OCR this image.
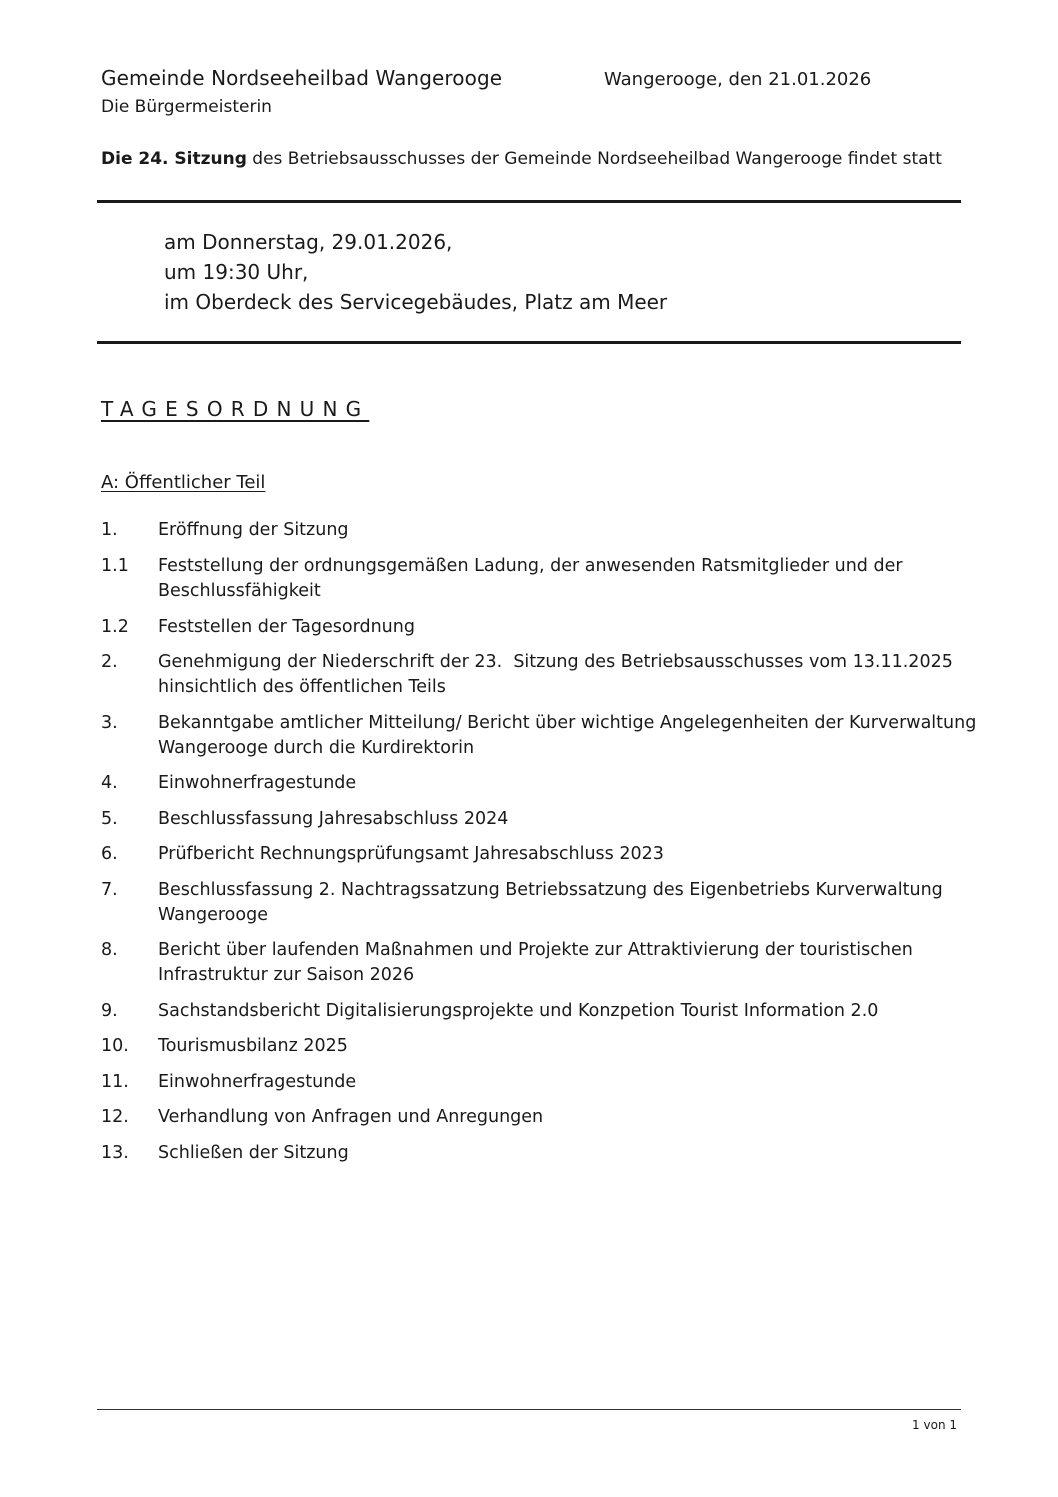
Gemeinde Nordseeheilbad Wangerooge
Die Bürgermeisterin
Wangerooge, den 21.01.2026
Die 24. Sitzung des Betriebsausschusses der Gemeinde Nordseeheilbad Wangerooge findet statt
am Donnerstag, 29.01.2026,
um 19:30 Uhr,
im Oberdeck des Servicegebäudes, Platz am Meer
TAGESORDNUNG
A: Öffentlicher Teil
1.	Eröffnung der Sitzung
1.1	Feststellung der ordnungsgemäßen Ladung, der anwesenden Ratsmitglieder und der
Beschlussfähigkeit
1.2	Feststellen der Tagesordnung
2.	Genehmigung der Niederschrift der 23.  Sitzung des Betriebsausschusses vom 13.11.2025
hinsichtlich des öffentlichen Teils
3.	Bekanntgabe amtlicher Mitteilung/ Bericht über wichtige Angelegenheiten der Kurverwaltung
Wangerooge durch die Kurdirektorin
4.	Einwohnerfragestunde
5.	Beschlussfassung Jahresabschluss 2024
6.	Prüfbericht Rechnungsprüfungsamt Jahresabschluss 2023
7.	Beschlussfassung 2. Nachtragssatzung Betriebssatzung des Eigenbetriebs Kurverwaltung
Wangerooge
8.	Bericht über laufenden Maßnahmen und Projekte zur Attraktivierung der touristischen
Infrastruktur zur Saison 2026
9.	Sachstandsbericht Digitalisierungsprojekte und Konzpetion Tourist Information 2.0
10.	Tourismusbilanz 2025
11.	Einwohnerfragestunde
12.	Verhandlung von Anfragen und Anregungen
13.	Schließen der Sitzung
1 von 1
